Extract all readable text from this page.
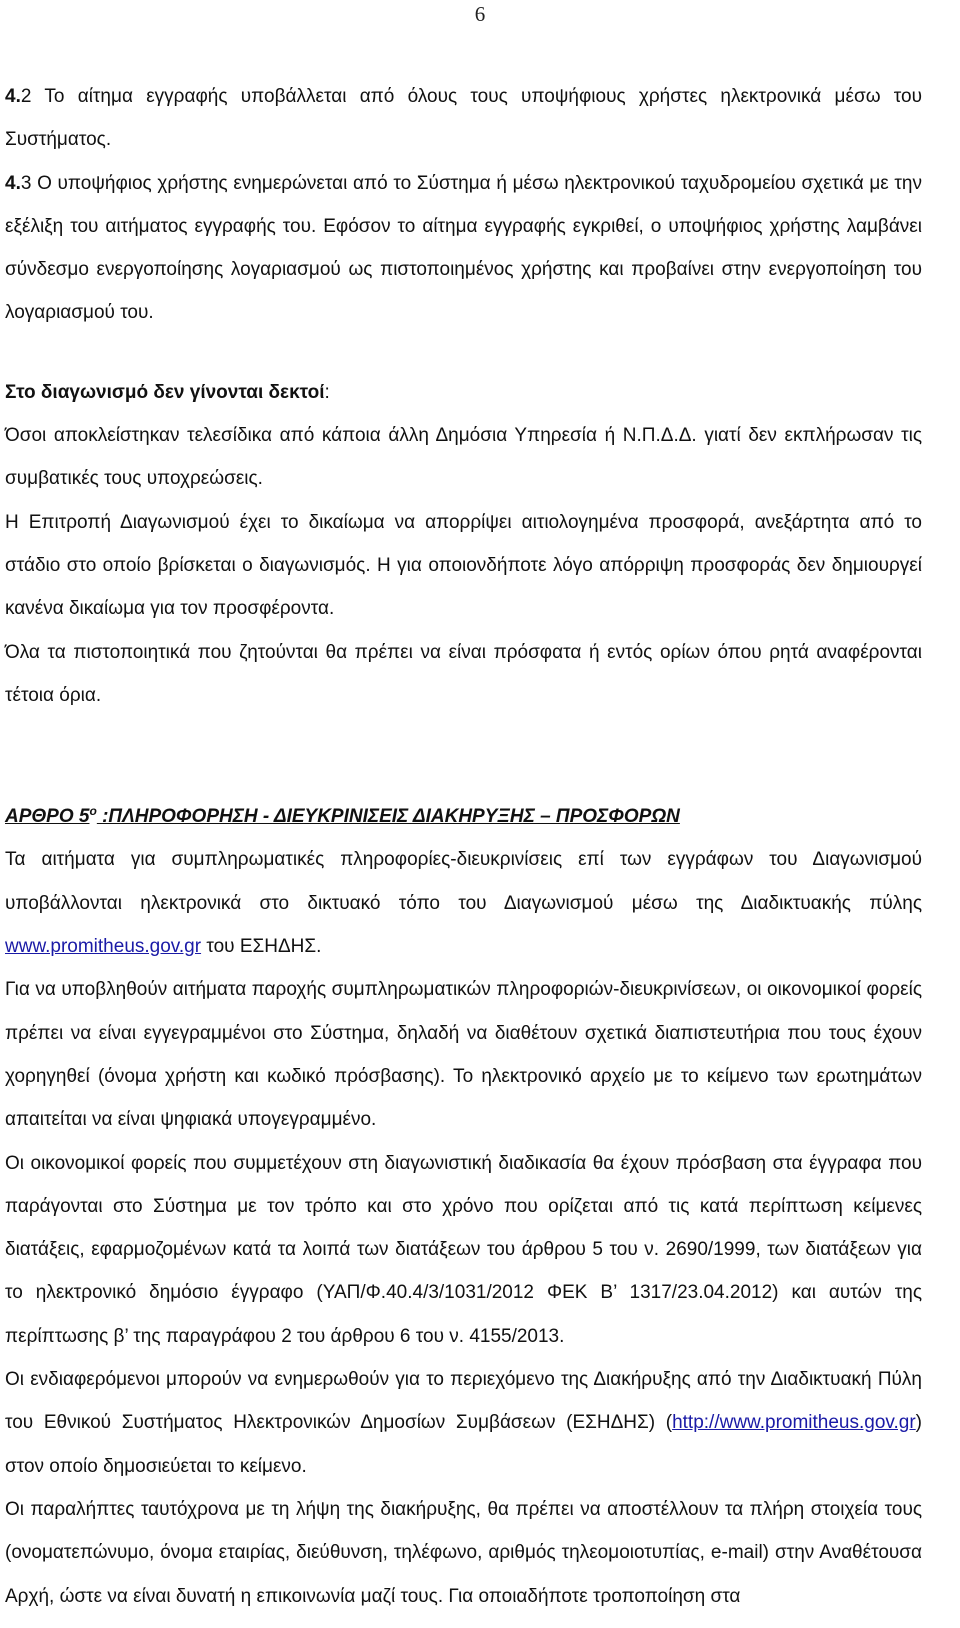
6

4.2 Το αίτημα εγγραφής υποβάλλεται από όλους τους υποψήφιους χρήστες ηλεκτρονικά μέσω του Συστήματος.

4.3 Ο υποψήφιος χρήστης ενημερώνεται από το Σύστημα ή μέσω ηλεκτρονικού ταχυδρομείου σχετικά με την εξέλιξη του αιτήματος εγγραφής του. Εφόσον το αίτημα εγγραφής εγκριθεί, ο υποψήφιος χρήστης λαμβάνει σύνδεσμο ενεργοποίησης λογαριασμού ως πιστοποιημένος χρήστης και προβαίνει στην ενεργοποίηση του λογαριασμού του.

Στο διαγωνισμό δεν γίνονται δεκτοί:

Όσοι αποκλείστηκαν τελεσίδικα από κάποια άλλη Δημόσια Υπηρεσία ή Ν.Π.Δ.Δ. γιατί δεν εκπλήρωσαν τις συμβατικές τους υποχρεώσεις.

Η Επιτροπή Διαγωνισμού έχει το δικαίωμα να απορρίψει αιτιολογημένα προσφορά, ανεξάρτητα από το στάδιο στο οποίο βρίσκεται ο διαγωνισμός. Η για οποιονδήποτε λόγο απόρριψη προσφοράς δεν δημιουργεί κανένα δικαίωμα για τον προσφέροντα.

Όλα τα πιστοποιητικά που ζητούνται θα πρέπει να είναι πρόσφατα ή εντός ορίων όπου ρητά αναφέρονται τέτοια όρια.

ΑΡΘΡΟ $5^o$ :ΠΛΗΡΟΦΟΡΗΣΗ - ΔΙΕΥΚΡΙΝΙΣΕΙΣ ΔΙΑΚΗΡΥΞΗΣ – ΠΡΟΣΦΟΡΩΝ

Τα αιτήματα για συμπληρωματικές πληροφορίες-διευκρινίσεις επί των εγγράφων του Διαγωνισμού υποβάλλονται ηλεκτρονικά στο δικτυακό τόπο του Διαγωνισμού μέσω της Διαδικτυακής πύλης www.promitheus.gov.gr του ΕΣΗΔΗΣ.

Για να υποβληθούν αιτήματα παροχής συμπληρωματικών πληροφοριών-διευκρινίσεων, οι οικονομικοί φορείς πρέπει να είναι εγγεγραμμένοι στο Σύστημα, δηλαδή να διαθέτουν σχετικά διαπιστευτήρια που τους έχουν χορηγηθεί (όνομα χρήστη και κωδικό πρόσβασης). Το ηλεκτρονικό αρχείο με το κείμενο των ερωτημάτων απαιτείται να είναι ψηφιακά υπογεγραμμένο.

Οι οικονομικοί φορείς που συμμετέχουν στη διαγωνιστική διαδικασία θα έχουν πρόσβαση στα έγγραφα που παράγονται στο Σύστημα με τον τρόπο και στο χρόνο που ορίζεται από τις κατά περίπτωση κείμενες διατάξεις, εφαρμοζομένων κατά τα λοιπά των διατάξεων του άρθρου 5 του ν. 2690/1999, των διατάξεων για το ηλεκτρονικό δημόσιο έγγραφο (ΥΑΠ/Φ.40.4/3/1031/2012 ΦΕΚ Β’ 1317/23.04.2012) και αυτών της περίπτωσης β’ της παραγράφου 2 του άρθρου 6 του ν. 4155/2013.

Οι ενδιαφερόμενοι μπορούν να ενημερωθούν για το περιεχόμενο της Διακήρυξης από την Διαδικτυακή Πύλη του Εθνικού Συστήματος Ηλεκτρονικών Δημοσίων Συμβάσεων (ΕΣΗΔΗΣ) (http://www.promitheus.gov.gr) στον οποίο δημοσιεύεται το κείμενο.

Οι παραλήπτες ταυτόχρονα με τη λήψη της διακήρυξης, θα πρέπει να αποστέλλουν τα πλήρη στοιχεία τους (ονοματεπώνυμο, όνομα εταιρίας, διεύθυνση, τηλέφωνο, αριθμός τηλεομοιοτυπίας, e-mail) στην Αναθέτουσα Αρχή, ώστε να είναι δυνατή η επικοινωνία μαζί τους. Για οποιαδήποτε τροποποίηση στα
